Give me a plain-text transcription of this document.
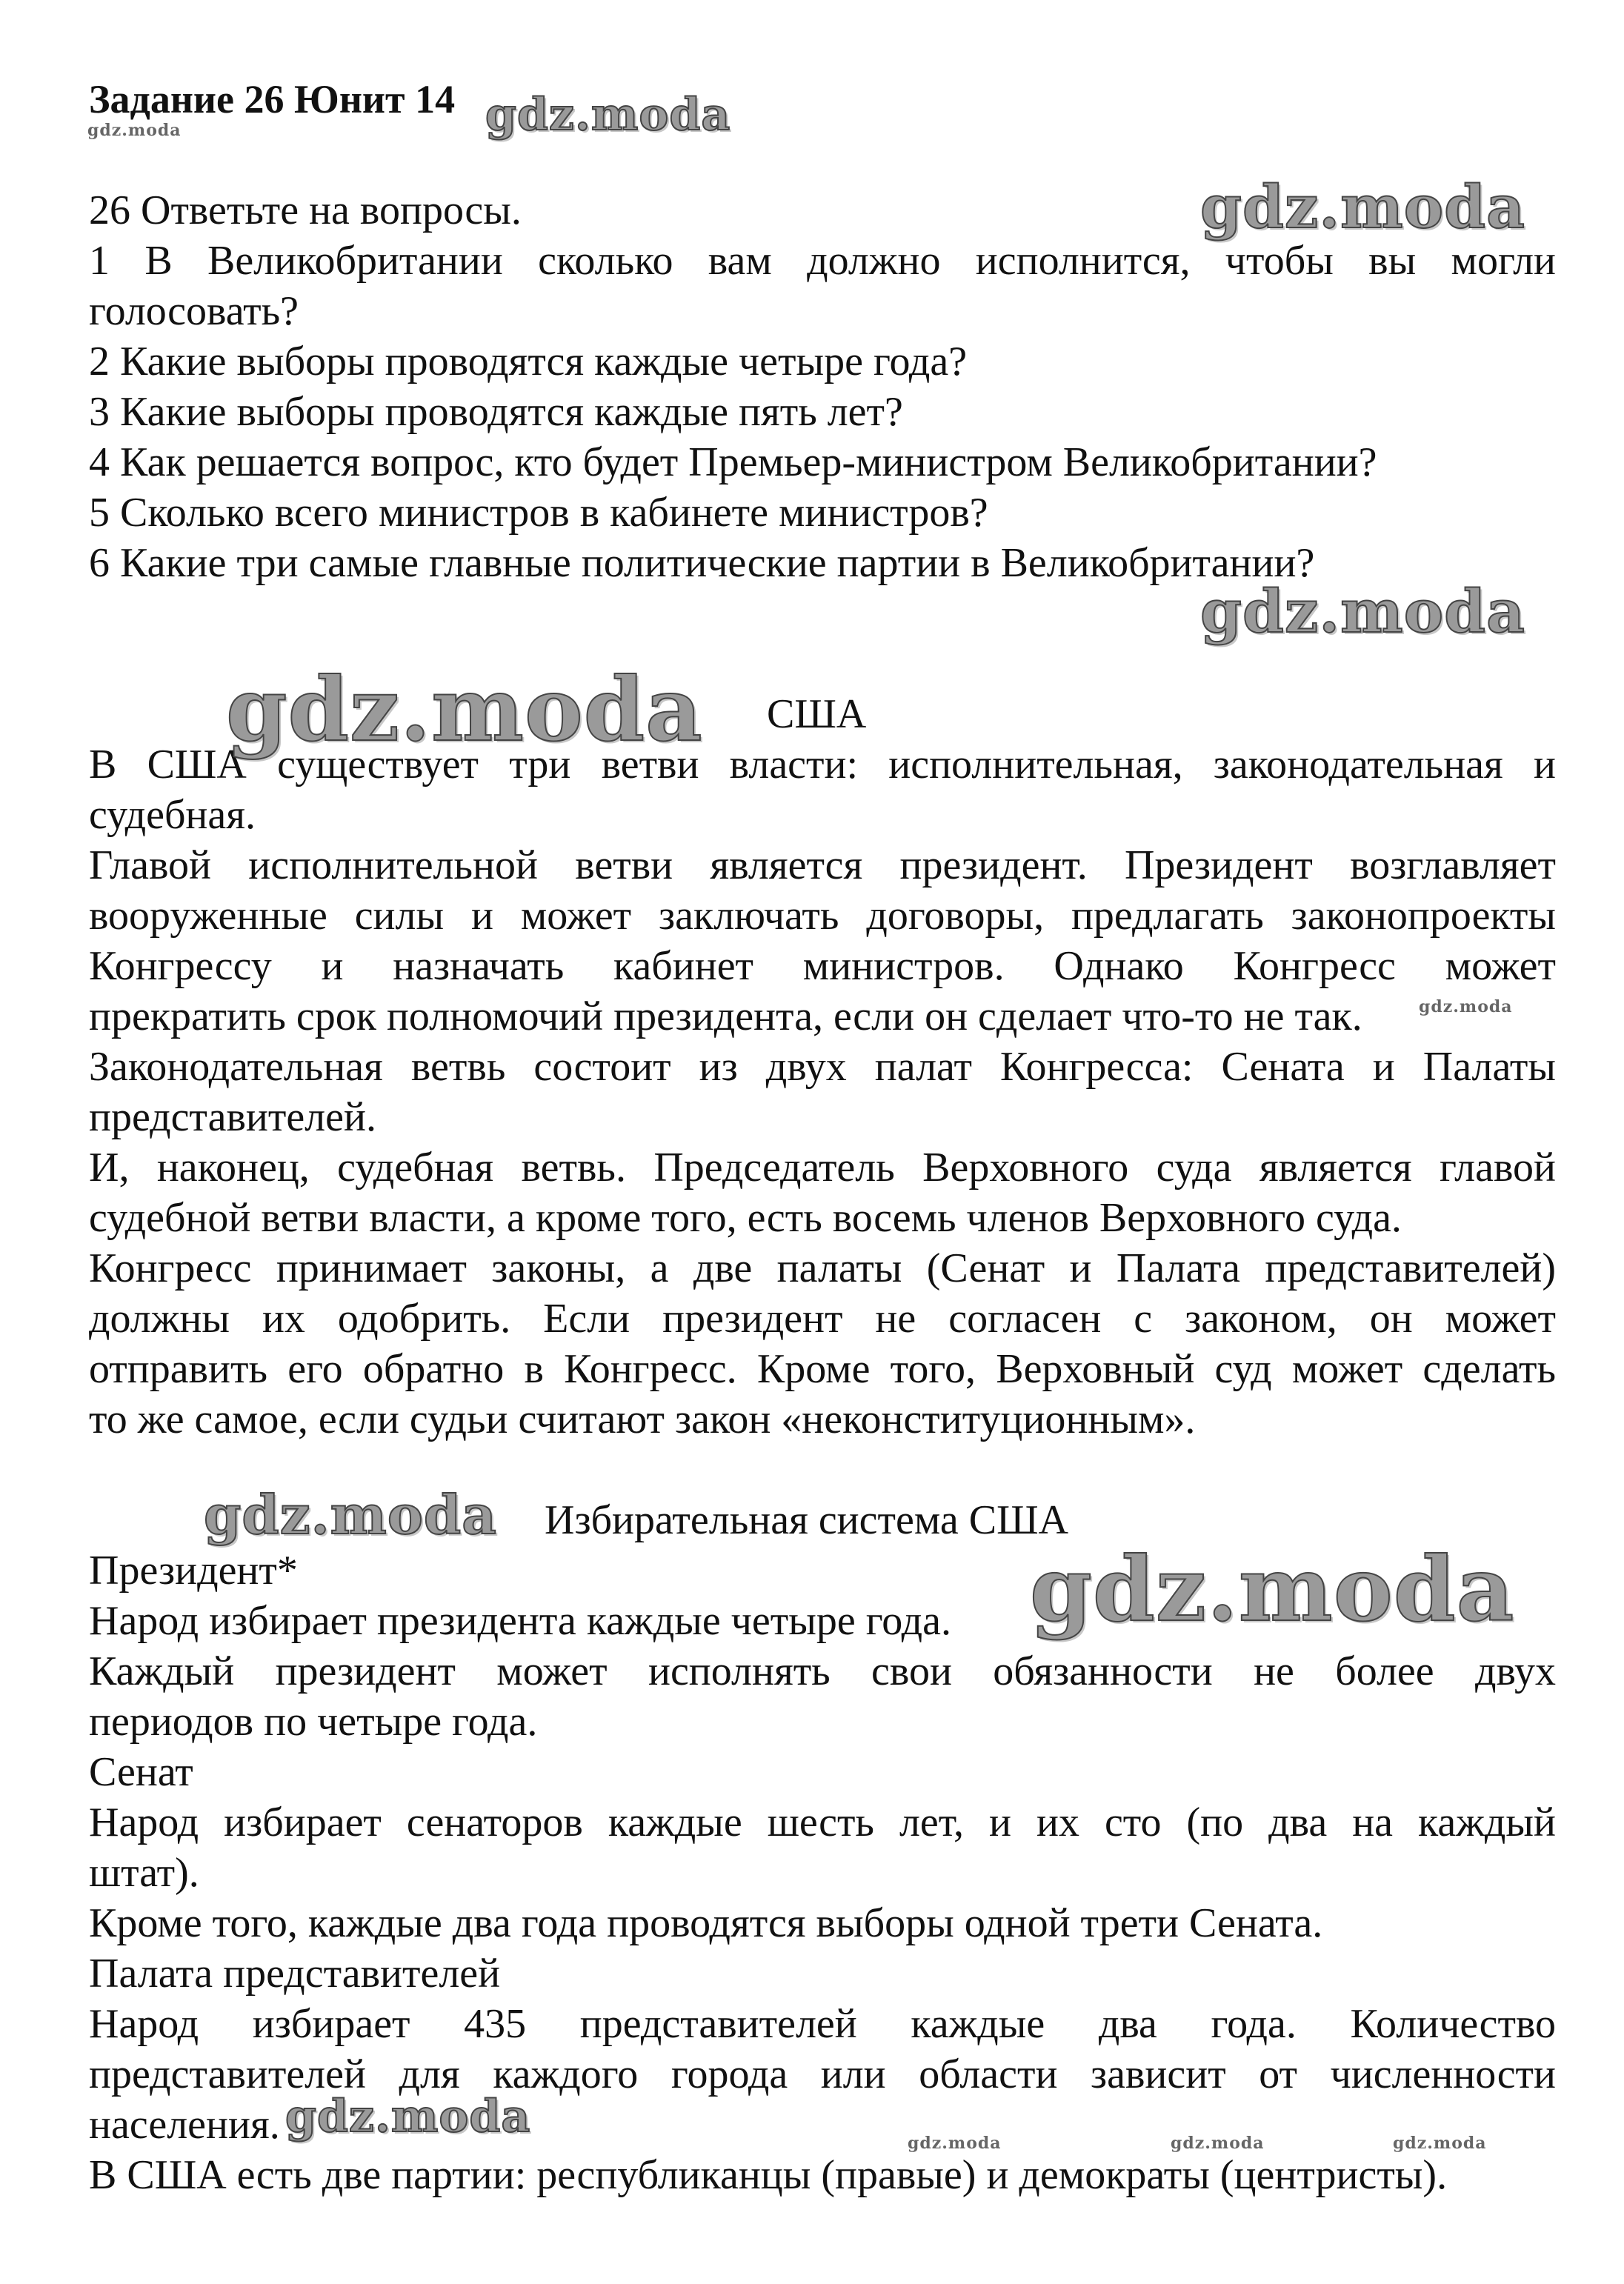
Задание 26 Юнит 14
26 Ответьте на вопросы.
1 В Великобритании сколько вам должно исполнится, чтобы вы могли
голосовать?
2 Какие выборы проводятся каждые четыре года?
3 Какие выборы проводятся каждые пять лет?
4 Как решается вопрос, кто будет Премьер-министром Великобритании?
5 Сколько всего министров в кабинете министров?
6 Какие три самые главные политические партии в Великобритании?
США
В США существует три ветви власти: исполнительная, законодательная и
судебная.
Главой исполнительной ветви является президент. Президент возглавляет
вооруженные силы и может заключать договоры, предлагать законопроекты
Конгрессу и назначать кабинет министров. Однако Конгресс может
прекратить срок полномочий президента, если он сделает что-то не так.
Законодательная ветвь состоит из двух палат Конгресса: Сената и Палаты
представителей.
И, наконец, судебная ветвь. Председатель Верховного суда является главой
судебной ветви власти, а кроме того, есть восемь членов Верховного суда.
Конгресс принимает законы, а две палаты (Сенат и Палата представителей)
должны их одобрить. Если президент не согласен с законом, он может
отправить его обратно в Конгресс. Кроме того, Верховный суд может сделать
то же самое, если судьи считают закон «неконституционным».
Избирательная система США
Президент*
Народ избирает президента каждые четыре года.
Каждый президент может исполнять свои обязанности не более двух
периодов по четыре года.
Сенат
Народ избирает сенаторов каждые шесть лет, и их сто (по два на каждый
штат).
Кроме того, каждые два года проводятся выборы одной трети Сената.
Палата представителей
Народ избирает 435 представителей каждые два года. Количество
представителей для каждого города или области зависит от численности
населения.
В США есть две партии: республиканцы (правые) и демократы (центристы).
gdz.moda
gdz.moda
gdz.moda
gdz.moda
gdz.moda
gdz.moda
gdz.moda
gdz.moda
gdz.moda
gdz.moda	gdz.moda	gdz.moda
